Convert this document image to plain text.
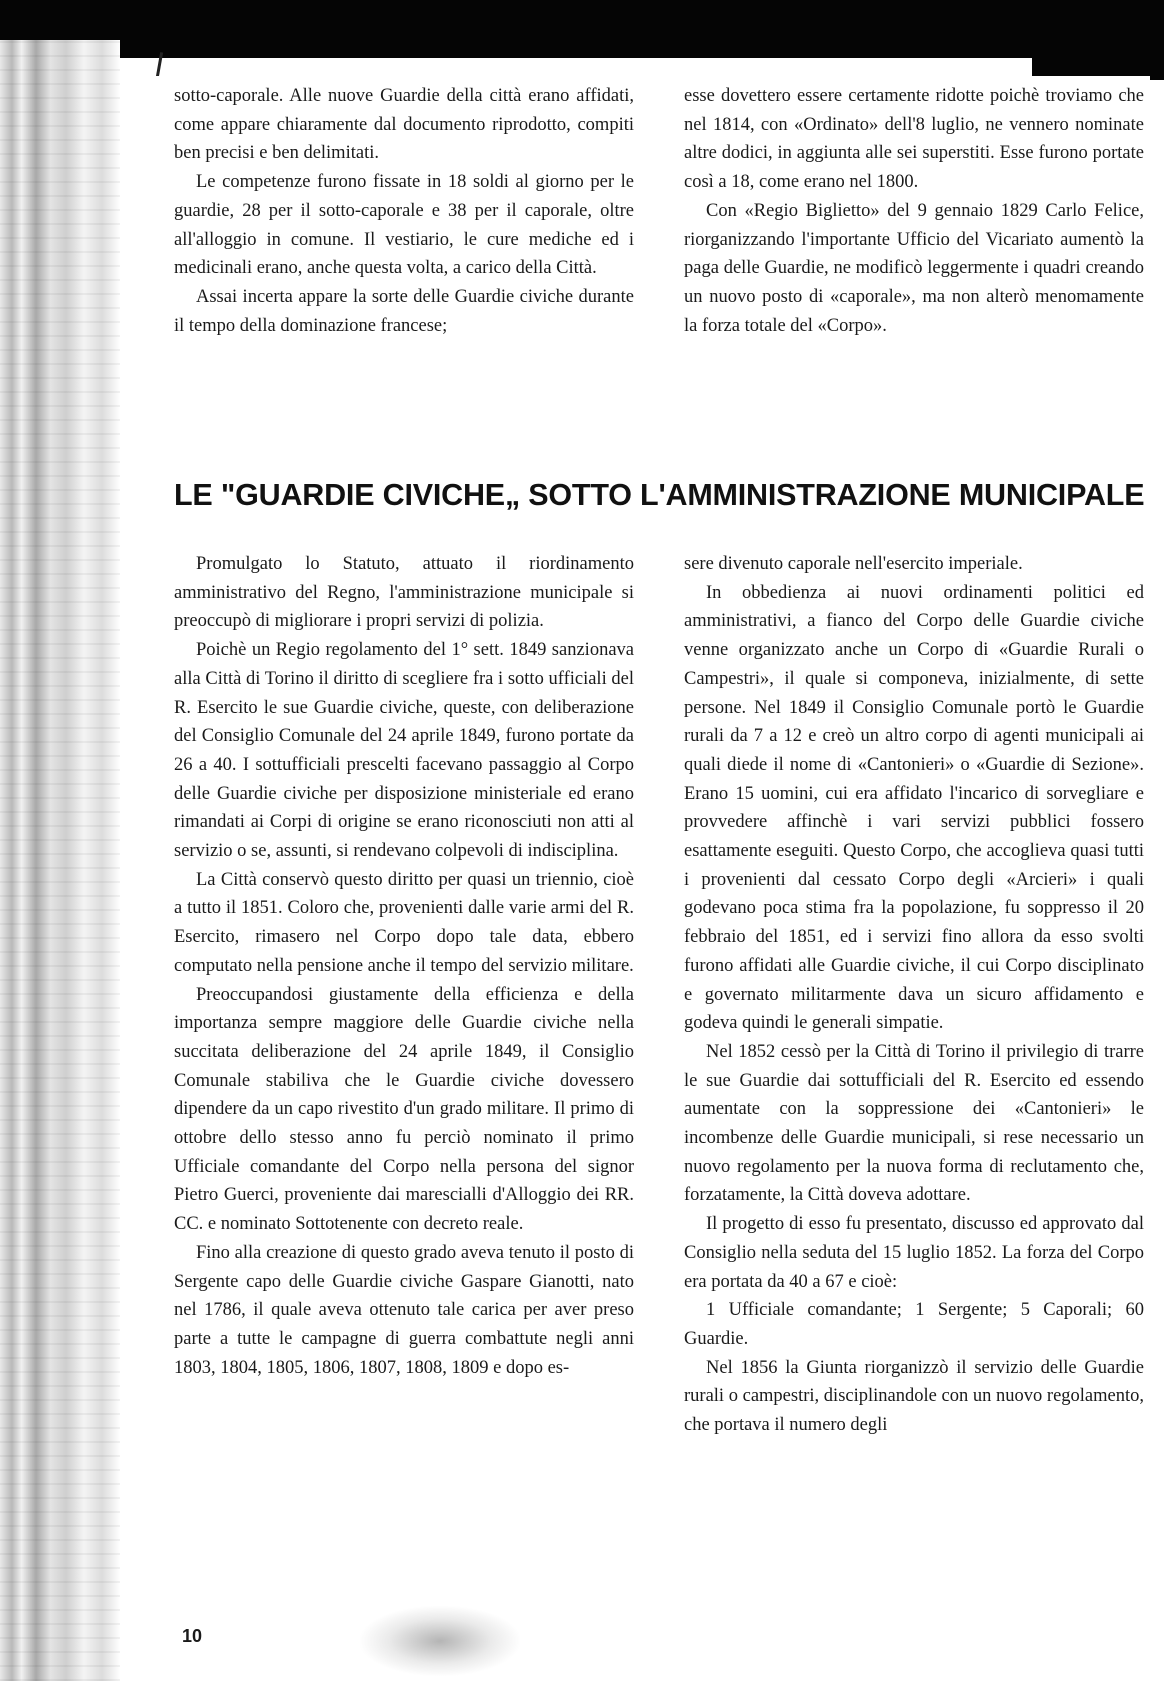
sotto-caporale. Alle nuove Guardie della città erano affidati, come appare chiaramente dal documento riprodotto, compiti ben precisi e ben delimitati.

Le competenze furono fissate in 18 soldi al giorno per le guardie, 28 per il sotto-caporale e 38 per il caporale, oltre all'alloggio in comune. Il vestiario, le cure mediche ed i medicinali erano, anche questa volta, a carico della Città.

Assai incerta appare la sorte delle Guardie civiche durante il tempo della dominazione francese;

esse dovettero essere certamente ridotte poichè troviamo che nel 1814, con «Ordinato» dell'8 luglio, ne vennero nominate altre dodici, in aggiunta alle sei superstiti. Esse furono portate così a 18, come erano nel 1800.

Con «Regio Biglietto» del 9 gennaio 1829 Carlo Felice, riorganizzando l'importante Ufficio del Vicariato aumentò la paga delle Guardie, ne modificò leggermente i quadri creando un nuovo posto di «caporale», ma non alterò menomamente la forza totale del «Corpo».

LE "GUARDIE CIVICHE„ SOTTO L'AMMINISTRAZIONE MUNICIPALE

Promulgato lo Statuto, attuato il riordinamento amministrativo del Regno, l'amministrazione municipale si preoccupò di migliorare i propri servizi di polizia.

Poichè un Regio regolamento del 1° sett. 1849 sanzionava alla Città di Torino il diritto di scegliere fra i sotto ufficiali del R. Esercito le sue Guardie civiche, queste, con deliberazione del Consiglio Comunale del 24 aprile 1849, furono portate da 26 a 40. I sottufficiali prescelti facevano passaggio al Corpo delle Guardie civiche per disposizione ministeriale ed erano rimandati ai Corpi di origine se erano riconosciuti non atti al servizio o se, assunti, si rendevano colpevoli di indisciplina.

La Città conservò questo diritto per quasi un triennio, cioè a tutto il 1851. Coloro che, provenienti dalle varie armi del R. Esercito, rimasero nel Corpo dopo tale data, ebbero computato nella pensione anche il tempo del servizio militare.

Preoccupandosi giustamente della efficienza e della importanza sempre maggiore delle Guardie civiche nella succitata deliberazione del 24 aprile 1849, il Consiglio Comunale stabiliva che le Guardie civiche dovessero dipendere da un capo rivestito d'un grado militare. Il primo di ottobre dello stesso anno fu perciò nominato il primo Ufficiale comandante del Corpo nella persona del signor Pietro Guerci, proveniente dai marescialli d'Alloggio dei RR. CC. e nominato Sottotenente con decreto reale.

Fino alla creazione di questo grado aveva tenuto il posto di Sergente capo delle Guardie civiche Gaspare Gianotti, nato nel 1786, il quale aveva ottenuto tale carica per aver preso parte a tutte le campagne di guerra combattute negli anni 1803, 1804, 1805, 1806, 1807, 1808, 1809 e dopo es-

sere divenuto caporale nell'esercito imperiale.

In obbedienza ai nuovi ordinamenti politici ed amministrativi, a fianco del Corpo delle Guardie civiche venne organizzato anche un Corpo di «Guardie Rurali o Campestri», il quale si componeva, inizialmente, di sette persone. Nel 1849 il Consiglio Comunale portò le Guardie rurali da 7 a 12 e creò un altro corpo di agenti municipali ai quali diede il nome di «Cantonieri» o «Guardie di Sezione». Erano 15 uomini, cui era affidato l'incarico di sorvegliare e provvedere affinchè i vari servizi pubblici fossero esattamente eseguiti. Questo Corpo, che accoglieva quasi tutti i provenienti dal cessato Corpo degli «Arcieri» i quali godevano poca stima fra la popolazione, fu soppresso il 20 febbraio del 1851, ed i servizi fino allora da esso svolti furono affidati alle Guardie civiche, il cui Corpo disciplinato e governato militarmente dava un sicuro affidamento e godeva quindi le generali simpatie.

Nel 1852 cessò per la Città di Torino il privilegio di trarre le sue Guardie dai sottufficiali del R. Esercito ed essendo aumentate con la soppressione dei «Cantonieri» le incombenze delle Guardie municipali, si rese necessario un nuovo regolamento per la nuova forma di reclutamento che, forzatamente, la Città doveva adottare.

Il progetto di esso fu presentato, discusso ed approvato dal Consiglio nella seduta del 15 luglio 1852. La forza del Corpo era portata da 40 a 67 e cioè:

1 Ufficiale comandante; 1 Sergente; 5 Caporali; 60 Guardie.

Nel 1856 la Giunta riorganizzò il servizio delle Guardie rurali o campestri, disciplinandole con un nuovo regolamento, che portava il numero degli

10
